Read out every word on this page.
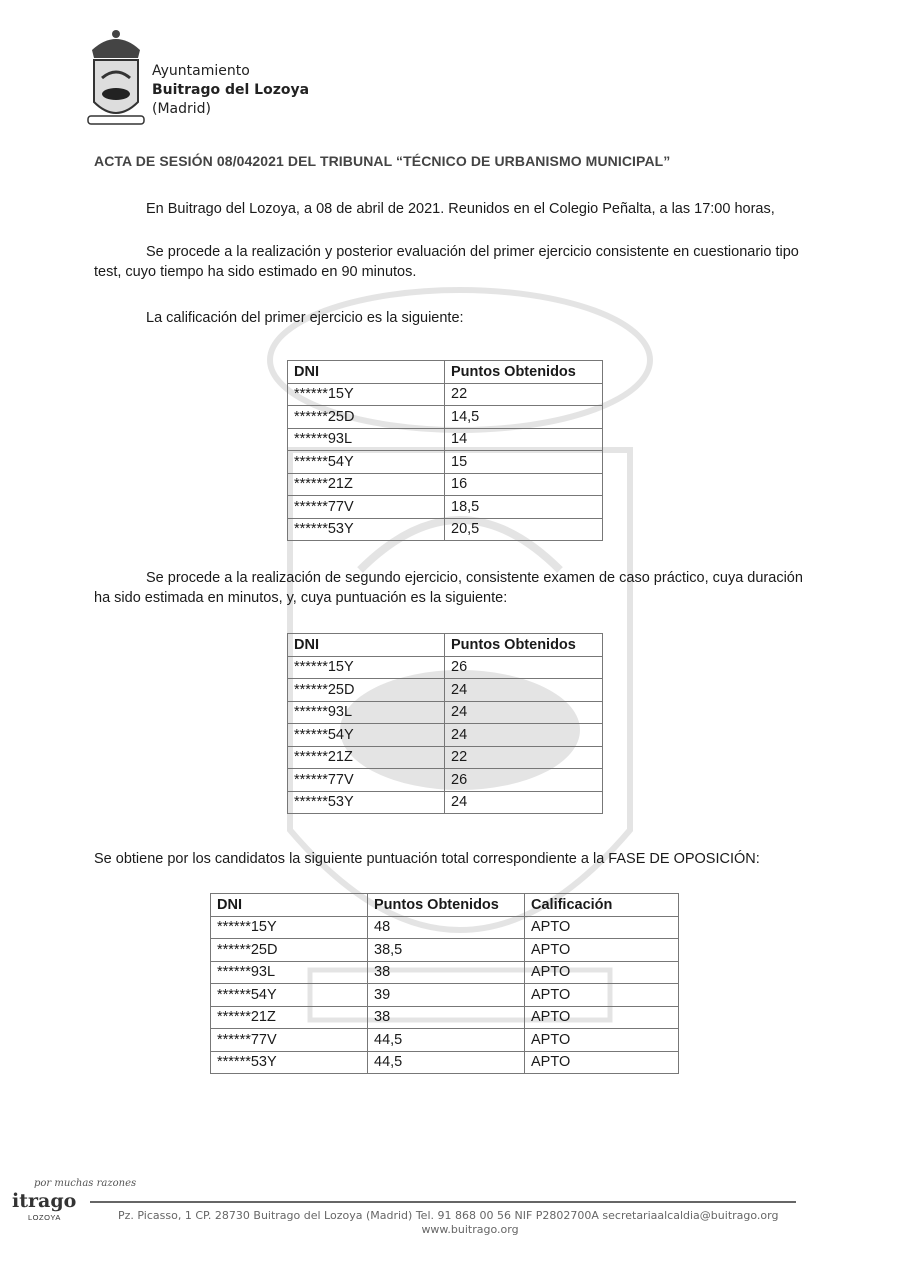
Ayuntamiento
Buitrago del Lozoya
(Madrid)
ACTA DE SESIÓN 08/042021 DEL TRIBUNAL “TÉCNICO DE URBANISMO MUNICIPAL”
En Buitrago del Lozoya, a 08 de abril de 2021. Reunidos en el Colegio Peñalta, a las 17:00 horas,
Se procede a la realización y posterior evaluación del primer ejercicio consistente en cuestionario tipo test, cuyo tiempo ha sido estimado en 90 minutos.
La calificación del primer ejercicio es la siguiente:
DNI	Puntos Obtenidos
******15Y	22
******25D	14,5
******93L	14
******54Y	15
******21Z	16
******77V	18,5
******53Y	20,5
Se procede a la realización de segundo ejercicio, consistente examen de caso práctico, cuya duración ha sido estimada en minutos, y, cuya puntuación es la siguiente:
DNI	Puntos Obtenidos
******15Y	26
******25D	24
******93L	24
******54Y	24
******21Z	22
******77V	26
******53Y	24
Se obtiene por los candidatos la siguiente puntuación total correspondiente a la FASE DE OPOSICIÓN:
DNI	Puntos Obtenidos	Calificación
******15Y	48	APTO
******25D	38,5	APTO
******93L	38	APTO
******54Y	39	APTO
******21Z	38	APTO
******77V	44,5	APTO
******53Y	44,5	APTO
por muchas razones
itrago
LOZOYA	Pz. Picasso, 1 CP. 28730 Buitrago del Lozoya (Madrid) Tel. 91 868 00 56 NIF P2802700A secretariaalcaldia@buitrago.org
www.buitrago.org
